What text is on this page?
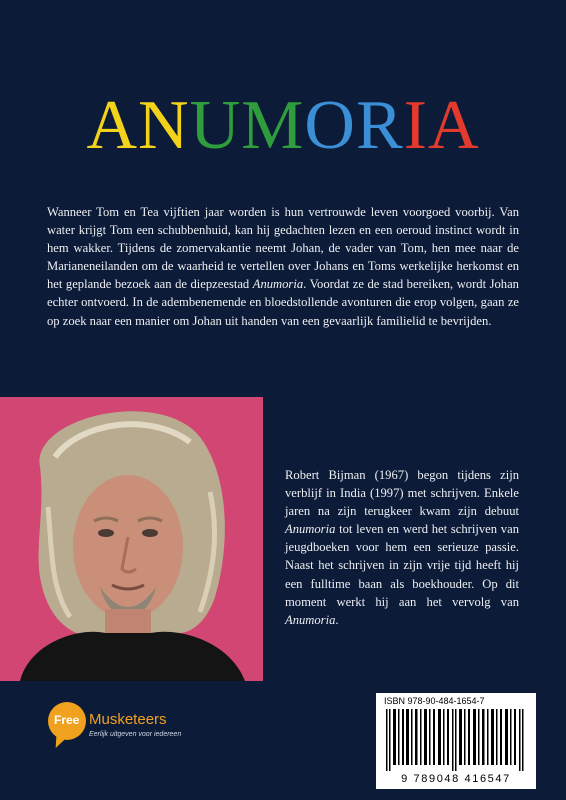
ANUMORIA
Wanneer Tom en Tea vijftien jaar worden is hun vertrouwde leven voorgoed voorbij. Van water krijgt Tom een schubbenhuid, kan hij gedachten lezen en een oeroud instinct wordt in hem wakker. Tijdens de zomervakantie neemt Johan, de vader van Tom, hen mee naar de Marianeneilanden om de waarheid te vertellen over Johans en Toms werkelijke herkomst en het geplande bezoek aan de diepzeestad Anumoria. Voordat ze de stad bereiken, wordt Johan echter ontvoerd. In de adembenemende en bloedstollende avonturen die erop volgen, gaan ze op zoek naar een manier om Johan uit handen van een gevaarlijk familielid te bevrijden.
Robert Bijman (1967) begon tijdens zijn verblijf in India (1997) met schrijven. Enkele jaren na zijn terugkeer kwam zijn debuut Anumoria tot leven en werd het schrijven van jeugdboeken voor hem een serieuze passie. Naast het schrijven in zijn vrije tijd heeft hij een fulltime baan als boekhouder. Op dit moment werkt hij aan het vervolg van Anumoria.
Free Musketeers
Eerlijk uitgeven voor iedereen
ISBN 978-90-484-1654-7
9 789048 416547
